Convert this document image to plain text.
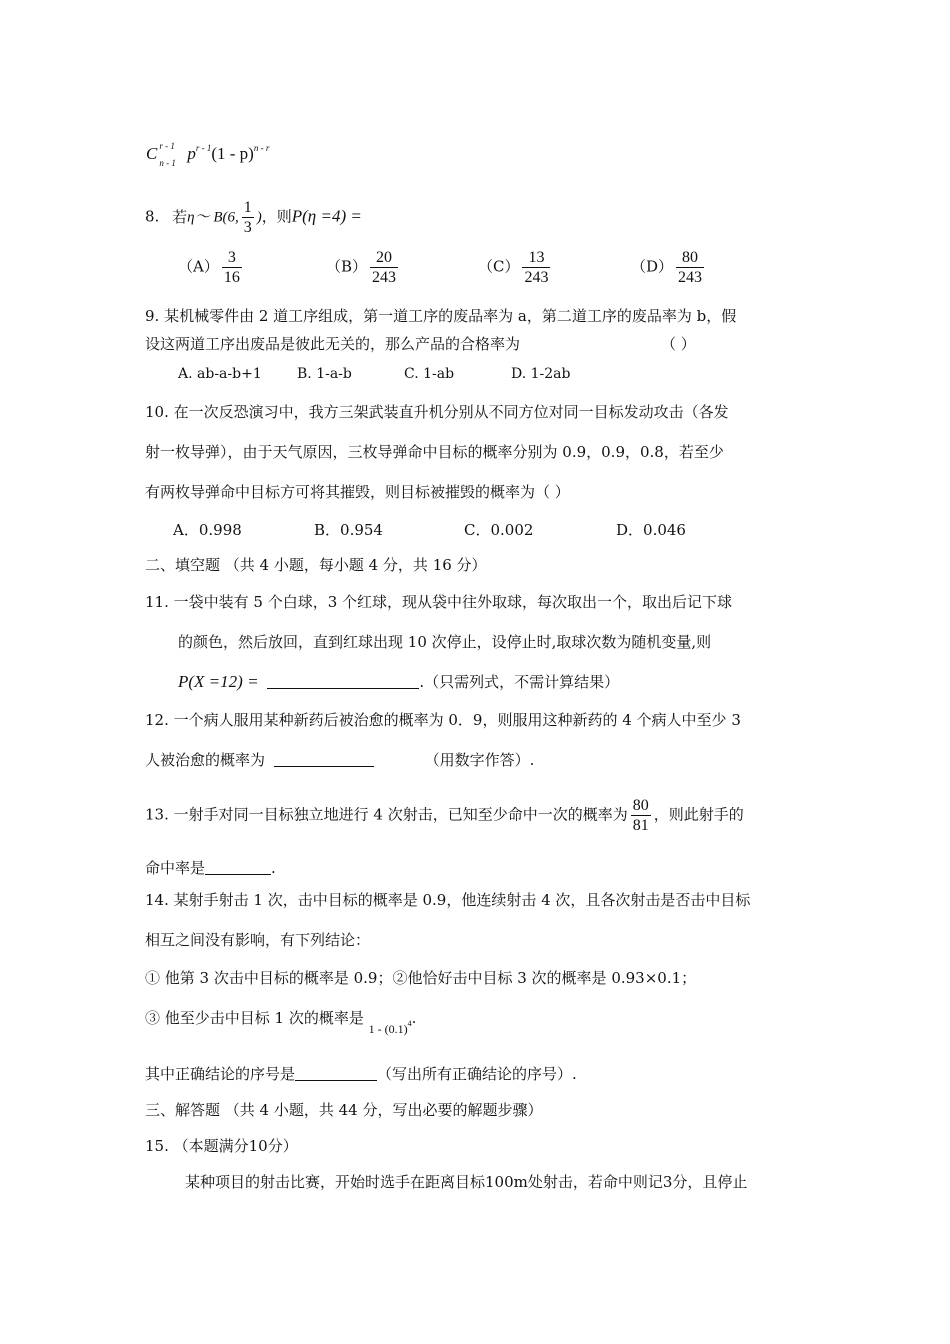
C r - 1
n - 1 $p^{r - 1}(1 - p)^{n - r}$
8. 若η～ B(6, $\frac{1}{3}$ )，则P(η =4) =
$(A) \frac{3}{16}$	$(B) \frac{20}{243}$	$(C) \frac{13}{243}$	$(D) \frac{80}{243}$
9. 某机械零件由 2 道工序组成，第一道工序的废品率为 a，第二道工序的废品率为 b，假
设这两道工序出废品是彼此无关的，那么产品的合格率为	（ ）
A. ab-a-b+1	B. 1-a-b	C. 1-ab	D. 1-2ab
10. 在一次反恐演习中，我方三架武装直升机分别从不同方位对同一目标发动攻击（各发
射一枚导弹），由于天气原因，三枚导弹命中目标的概率分别为 0.9，0.9，0.8，若至少
有两枚导弹命中目标方可将其摧毁，则目标被摧毁的概率为（ ）
A．0.998	B．0.954	C．0.002	D．0.046
二、填空题 （共 4 小题，每小题 4 分，共 16 分）
11. 一袋中装有 5 个白球，3 个红球，现从袋中往外取球，每次取出一个，取出后记下球
的颜色，然后放回，直到红球出现 10 次停止，设停止时,取球次数为随机变量,则
P(X =12) =	.（只需列式，不需计算结果）
12. 一个病人服用某种新药后被治愈的概率为 0．9，则服用这种新药的 4 个病人中至少 3
人被治愈的概率为	（用数字作答）.
13. 一射手对同一目标独立地进行 4 次射击，已知至少命中一次的概率为 $\frac{80}{81}$ ，则此射手的
命中率是	.
14. 某射手射击 1 次，击中目标的概率是 0.9，他连续射击 4 次，且各次射击是否击中目标
相互之间没有影响，有下列结论：
① 他第 3 次击中目标的概率是 0.9；②他恰好击中目标 3 次的概率是 0.93×0.1；
③ 他至少击中目标 1 次的概率是 $_{1 - (0.1)^4}$.
其中正确结论的序号是	（写出所有正确结论的序号）.
三、解答题 （共 4 小题，共 44 分，写出必要的解题步骤）
15. （本题满分10分）
某种项目的射击比赛，开始时选手在距离目标100m处射击，若命中则记3分，且停止
